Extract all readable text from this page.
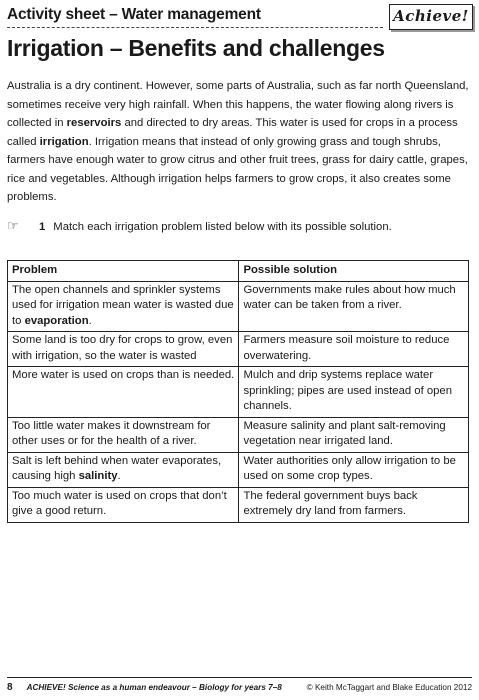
Activity sheet – Water management	Achieve!
Irrigation – Benefits and challenges

Australia is a dry continent. However, some parts of Australia, such as far north Queensland, sometimes receive very high rainfall. When this happens, the water flowing along rivers is collected in reservoirs and directed to dry areas. This water is used for crops in a process called irrigation. Irrigation means that instead of only growing grass and tough shrubs, farmers have enough water to grow citrus and other fruit trees, grass for dairy cattle, grapes, rice and vegetables. Although irrigation helps farmers to grow crops, it also creates some problems.

☞ 1 Match each irrigation problem listed below with its possible solution.
Problem	Possible solution
The open channels and sprinkler systems used for irrigation mean water is wasted due to evaporation.	Governments make rules about how much water can be taken from a river.
Some land is too dry for crops to grow, even with irrigation, so the water is wasted	Farmers measure soil moisture to reduce overwatering.
More water is used on crops than is needed.	Mulch and drip systems replace water sprinkling; pipes are used instead of open channels.
Too little water makes it downstream for other uses or for the health of a river.	Measure salinity and plant salt-removing vegetation near irrigated land.
Salt is left behind when water evaporates, causing high salinity.	Water authorities only allow irrigation to be used on some crop types.
Too much water is used on crops that don’t give a good return.	The federal government buys back extremely dry land from farmers.
8 ACHIEVE! Science as a human endeavour – Biology for years 7–8	© Keith McTaggart and Blake Education 2012
